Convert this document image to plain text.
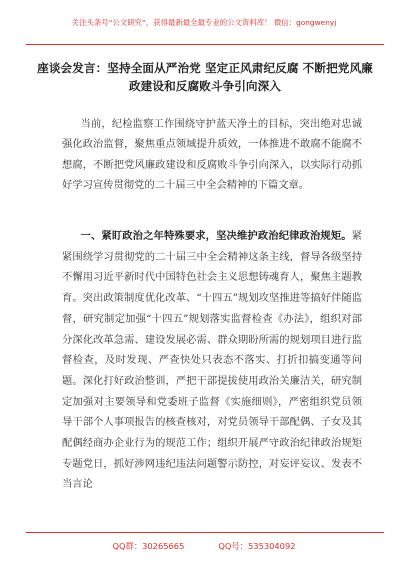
关注头条号“公文研究”，获得最新最全最专业的公文资料库！ 微信：gongwenyj
座谈会发言：坚持全面从严治党 坚定正风肃纪反腐 不断把党风廉政建设和反腐败斗争引向深入
当前，纪检监察工作围绕守护蓝天净土的目标，突出绝对忠诚强化政治监督，聚焦重点领域提升质效，一体推进不敢腐不能腐不想腐，不断把党风廉政建设和反腐败斗争引向深入，以实际行动抓好学习宣传贯彻党的二十届三中全会精神的下篇文章。
一、紧盯政治之年特殊要求，坚决维护政治纪律政治规矩。紧紧围绕学习贯彻党的二十届三中全会精神这条主线，督导各级坚持不懈用习近平新时代中国特色社会主义思想铸魂育人，聚焦主题教育。突出政策制度优化改革、“十四五”规划攻坚推进等搞好伴随监督，研究制定加强“十四五”规划落实监督检查《办法》，组织对部分深化改革急需、建设发展必需、群众期盼所需的规划项目进行监督检查，及时发现、严查快处只表态不落实、打折扣搞变通等问题。深化打好政治整训，严把干部提拔使用政治关廉洁关，研究制定加强对主要领导和党委班子监督《实施细则》，严密组织党员领导干部个人事项报告的核查核对，对党员领导干部配偶、子女及其配偶经商办企业行为的规范工作；组织开展严守政治纪律政治规矩专题党日，抓好涉网违纪违法问题警示防控，对妄评妄议、发表不当言论
QQ群：30265665	QQ号：535304092
